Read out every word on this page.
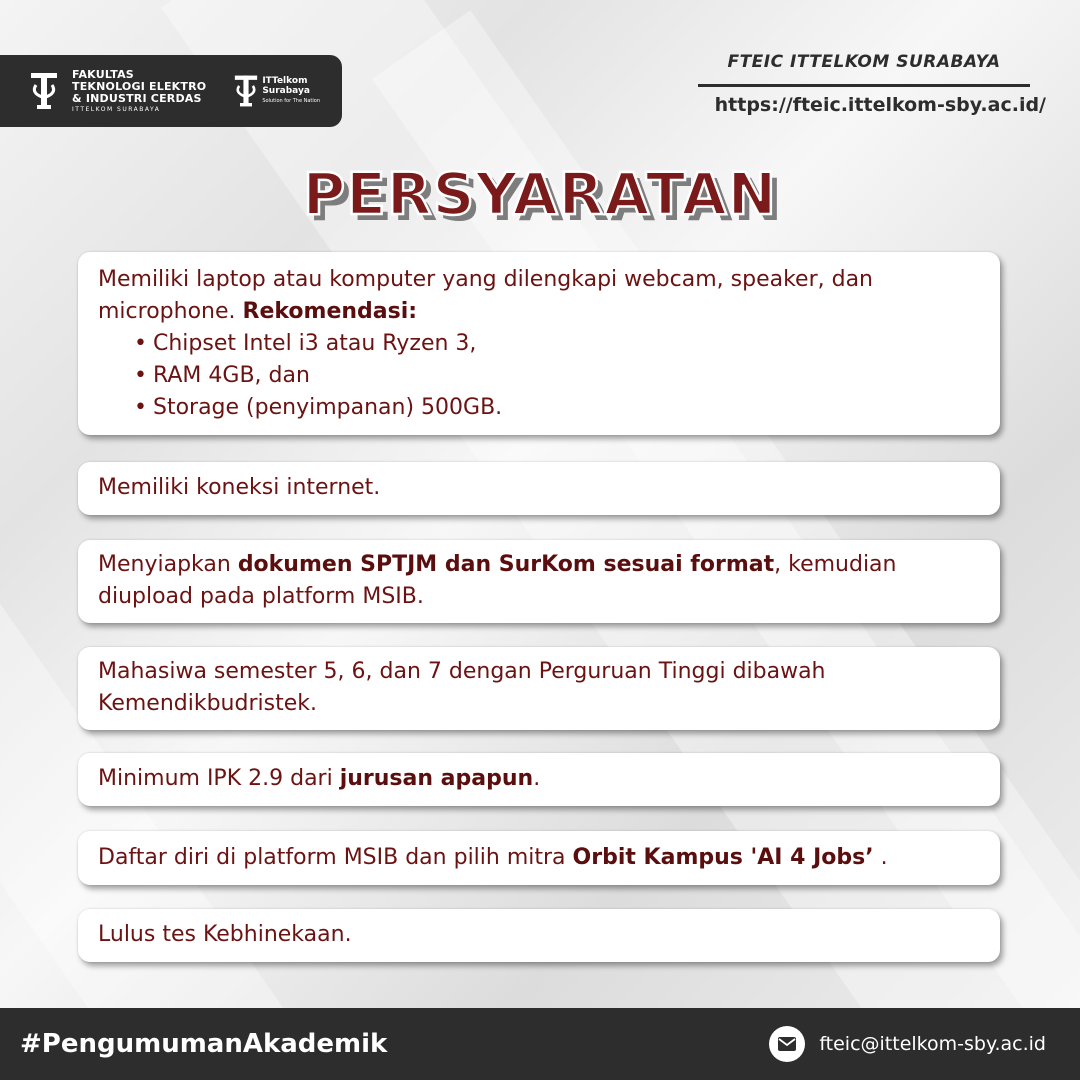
FAKULTAS
TEKNOLOGI ELEKTRO
& INDUSTRI CERDAS
ITTELKOM SURABAYA
ITTelkom
Surabaya
Solution for The Nation
FTEIC ITTELKOM SURABAYA
https://fteic.ittelkom-sby.ac.id/
PERSYARATAN
Memiliki laptop atau komputer yang dilengkapi webcam, speaker, dan microphone. Rekomendasi:
• Chipset Intel i3 atau Ryzen 3,
• RAM 4GB, dan
• Storage (penyimpanan) 500GB.
Memiliki koneksi internet.
Menyiapkan dokumen SPTJM dan SurKom sesuai format, kemudian diupload pada platform MSIB.
Mahasiwa semester 5, 6, dan 7 dengan Perguruan Tinggi dibawah Kemendikbudristek.
Minimum IPK 2.9 dari jurusan apapun.
Daftar diri di platform MSIB dan pilih mitra Orbit Kampus 'AI 4 Jobs’ .
Lulus tes Kebhinekaan.
#PengumumanAkademik	fteic@ittelkom-sby.ac.id
